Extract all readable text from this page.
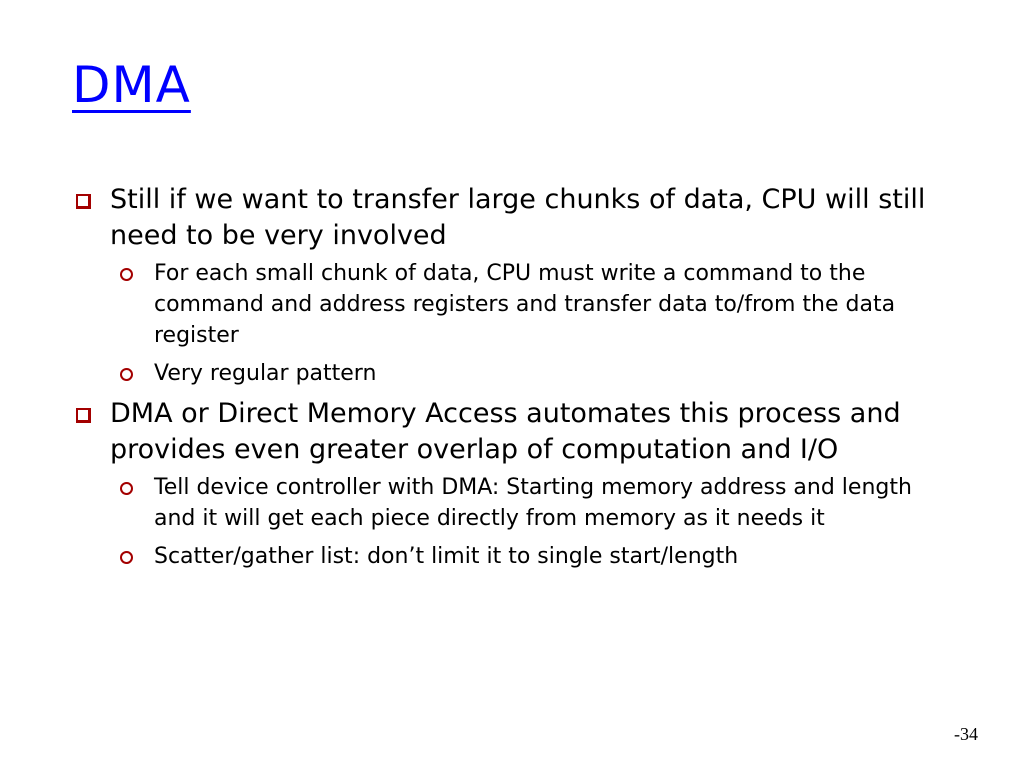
DMA
Still if we want to transfer large chunks of data, CPU will still need to be very involved
For each small chunk of data, CPU must write a command to the command and address registers and transfer data to/from the data register
Very regular pattern
DMA or Direct Memory Access automates this process and provides even greater overlap of computation and I/O
Tell device controller with DMA: Starting memory address and length and it will get each piece directly from memory as it needs it
Scatter/gather list: don’t limit it to single start/length
-34
